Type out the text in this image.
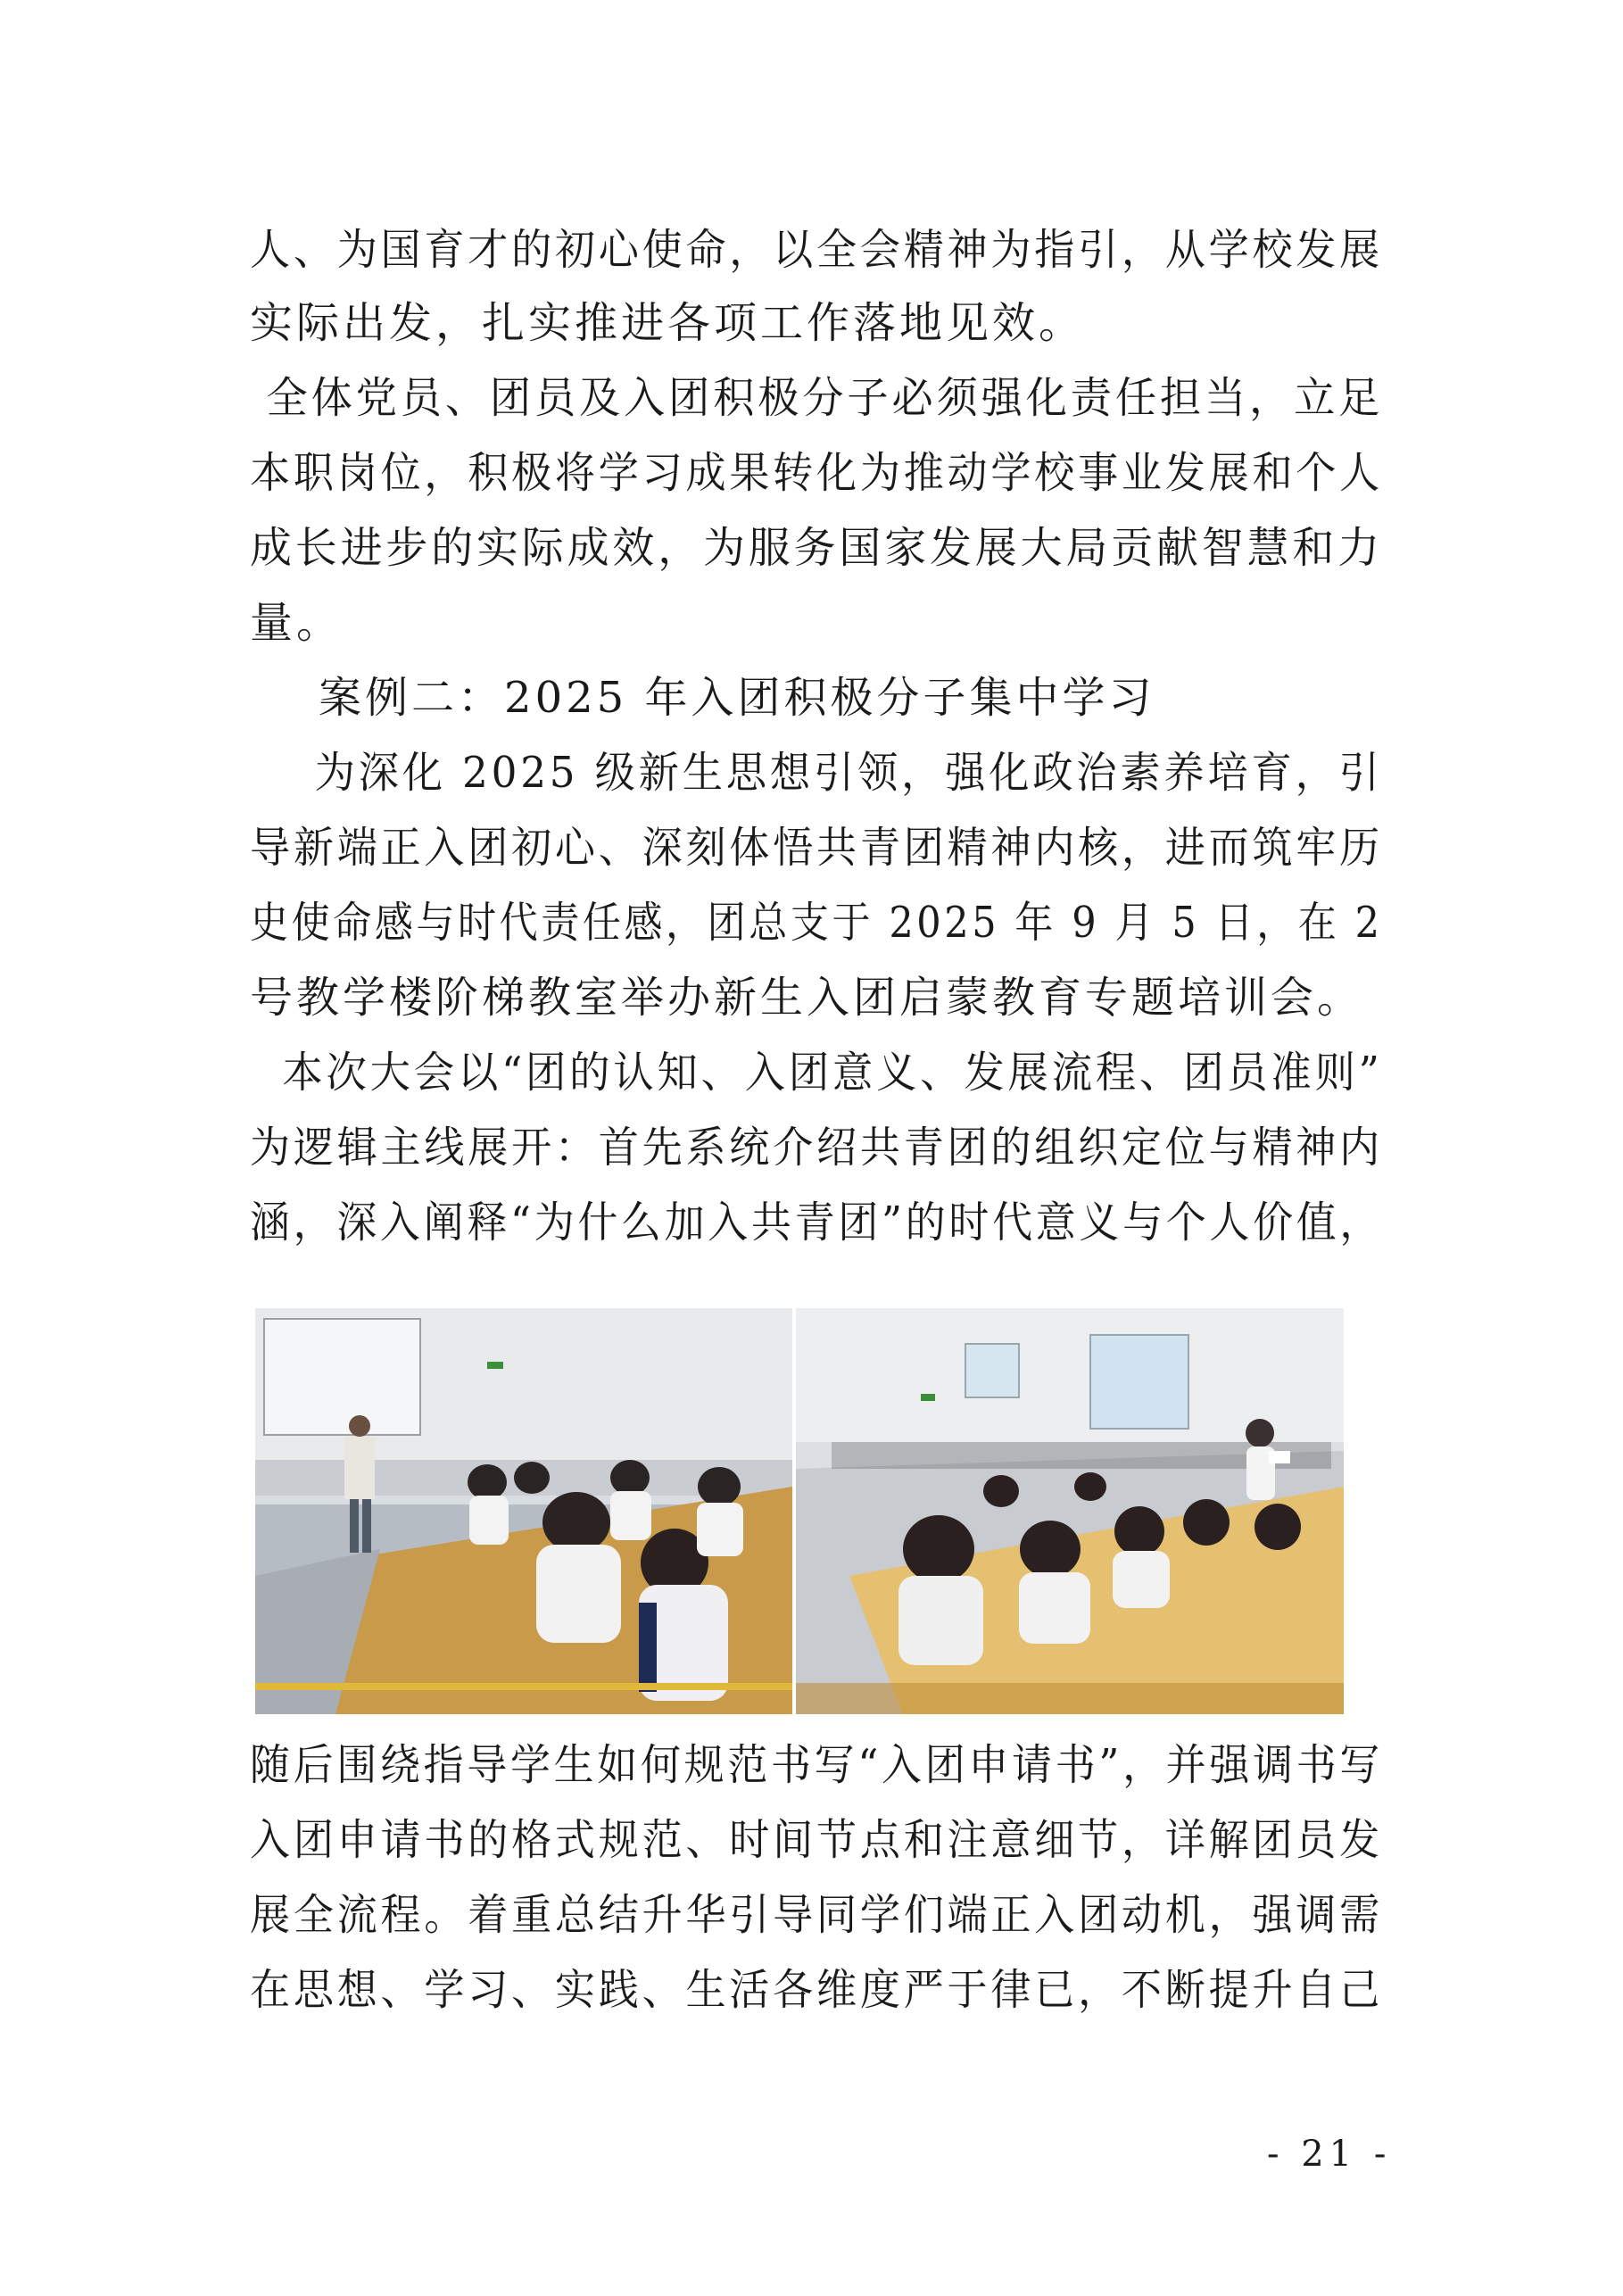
人、为国育才的初心使命，以全会精神为指引，从学校发展
实际出发，扎实推进各项工作落地见效。
全体党员、团员及入团积极分子必须强化责任担当，立足
本职岗位，积极将学习成果转化为推动学校事业发展和个人
成长进步的实际成效，为服务国家发展大局贡献智慧和力
量。
案例二：2025 年入团积极分子集中学习
为深化 2025 级新生思想引领，强化政治素养培育，引
导新端正入团初心、深刻体悟共青团精神内核，进而筑牢历
史使命感与时代责任感，团总支于 2025 年 9 月 5 日，在 2
号教学楼阶梯教室举办新生入团启蒙教育专题培训会。
本次大会以“团的认知、入团意义、发展流程、团员准则”
为逻辑主线展开：首先系统介绍共青团的组织定位与精神内
涵，深入阐释“为什么加入共青团”的时代意义与个人价值，
随后围绕指导学生如何规范书写“入团申请书”，并强调书写
入团申请书的格式规范、时间节点和注意细节，详解团员发
展全流程。着重总结升华引导同学们端正入团动机，强调需
在思想、学习、实践、生活各维度严于律已，不断提升自己
- 21 -
